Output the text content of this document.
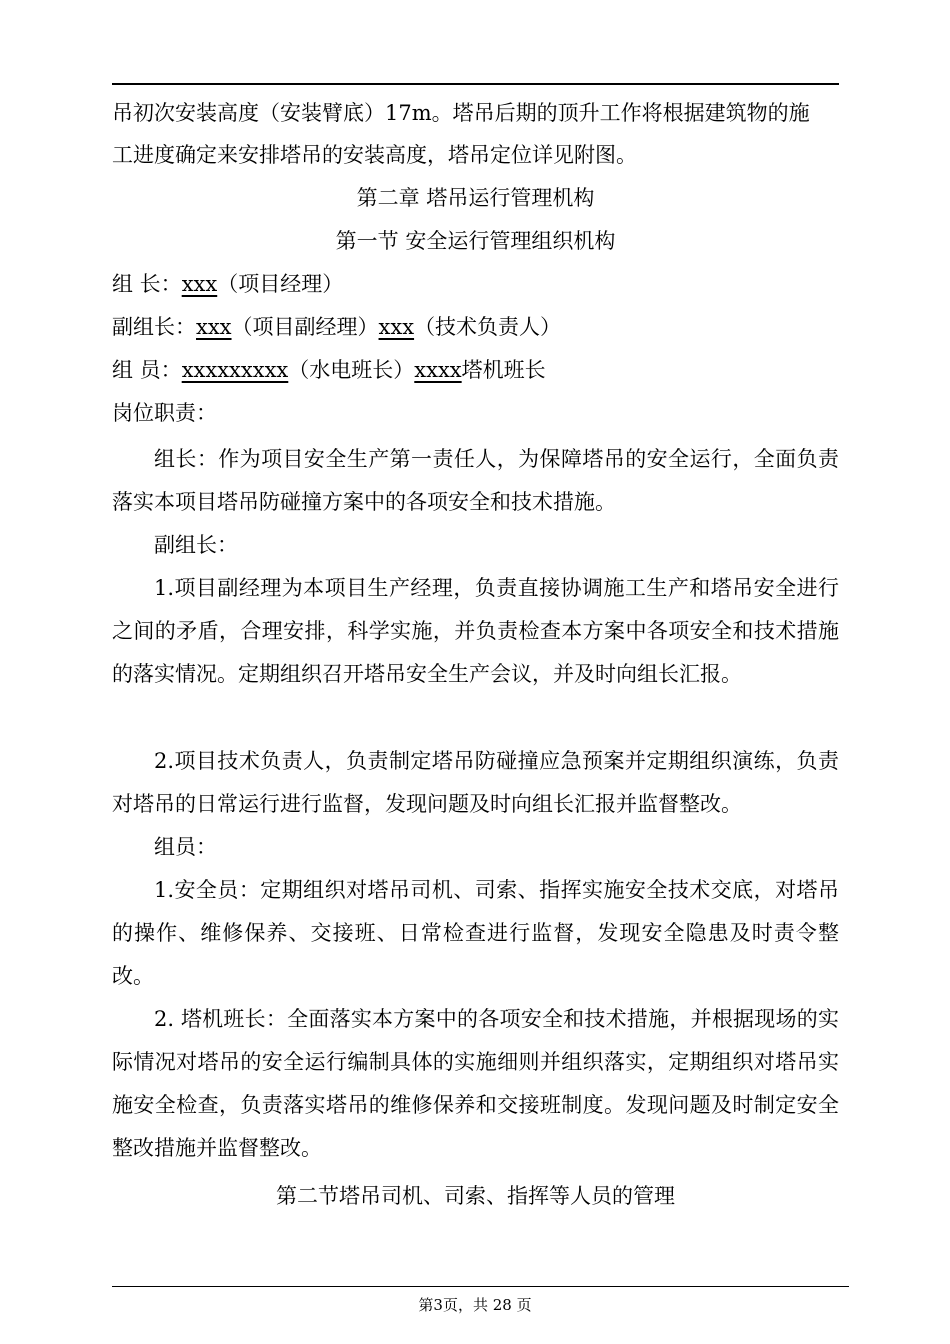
吊初次安装高度（安装臂底）17m。塔吊后期的顶升工作将根据建筑物的施
工进度确定来安排塔吊的安装高度，塔吊定位详见附图。
第二章 塔吊运行管理机构
第一节 安全运行管理组织机构
组 长：xxx（项目经理）
副组长：xxx（项目副经理）xxx（技术负责人）
组 员：xxxxxxxxx（水电班长）xxxx塔机班长
岗位职责：
组长：作为项目安全生产第一责任人，为保障塔吊的安全运行，全面负责落实本项目塔吊防碰撞方案中的各项安全和技术措施。
副组长：
1.项目副经理为本项目生产经理，负责直接协调施工生产和塔吊安全进行之间的矛盾，合理安排，科学实施，并负责检查本方案中各项安全和技术措施的落实情况。定期组织召开塔吊安全生产会议，并及时向组长汇报。
2.项目技术负责人，负责制定塔吊防碰撞应急预案并定期组织演练，负责对塔吊的日常运行进行监督，发现问题及时向组长汇报并监督整改。
组员：
1.安全员：定期组织对塔吊司机、司索、指挥实施安全技术交底，对塔吊的操作、维修保养、交接班、日常检查进行监督，发现安全隐患及时责令整改。
2. 塔机班长：全面落实本方案中的各项安全和技术措施，并根据现场的实际情况对塔吊的安全运行编制具体的实施细则并组织落实，定期组织对塔吊实施安全检查，负责落实塔吊的维修保养和交接班制度。发现问题及时制定安全整改措施并监督整改。
第二节塔吊司机、司索、指挥等人员的管理
第3页，共 28 页
